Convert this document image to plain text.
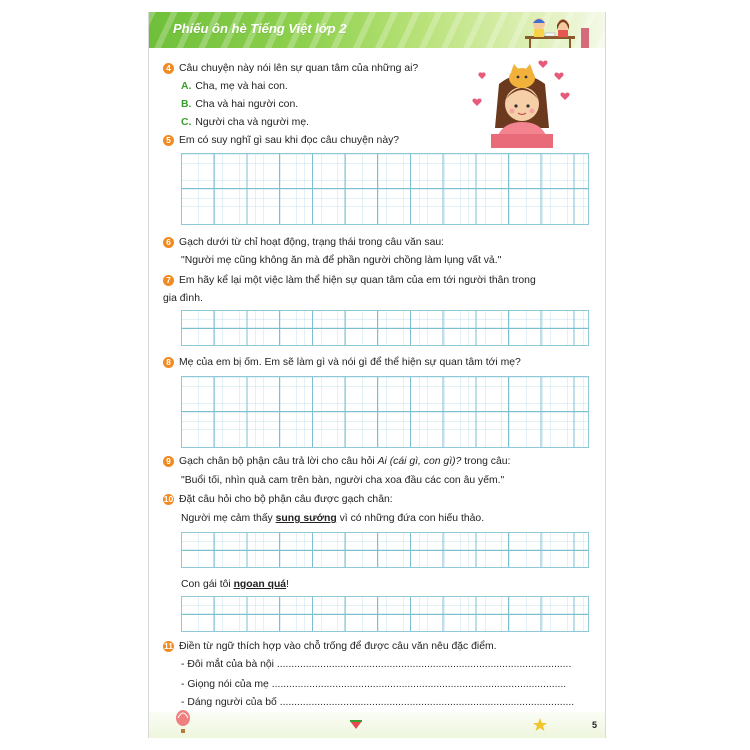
Phiếu ôn hè Tiếng Việt lớp 2
4 Câu chuyện này nói lên sự quan tâm của những ai?
A. Cha, mẹ và hai con.
B. Cha và hai người con.
C. Người cha và người mẹ.
5 Em có suy nghĩ gì sau khi đọc câu chuyện này?
6 Gạch dưới từ chỉ hoạt động, trạng thái trong câu văn sau:
"Người mẹ cũng không ăn mà để phần người chồng làm lụng vất vả."
7 Em hãy kể lại một việc làm thể hiện sự quan tâm của em tới người thân trong
gia đình.
8 Mẹ của em bị ốm. Em sẽ làm gì và nói gì để thể hiện sự quan tâm tới mẹ?
9 Gạch chân bộ phận câu trả lời cho câu hỏi Ai (cái gì, con gì)? trong câu:
"Buổi tối, nhìn quả cam trên bàn, người cha xoa đầu các con âu yếm."
10 Đặt câu hỏi cho bộ phận câu được gạch chân:
Người mẹ cảm thấy sung sướng vì có những đứa con hiếu thảo.
Con gái tôi ngoan quá!
11 Điền từ ngữ thích hợp vào chỗ trống để được câu văn nêu đặc điểm.
- Đôi mắt của bà nội ......................................................................................................
- Giọng nói của mẹ ......................................................................................................
- Dáng người của bố ......................................................................................................
5
